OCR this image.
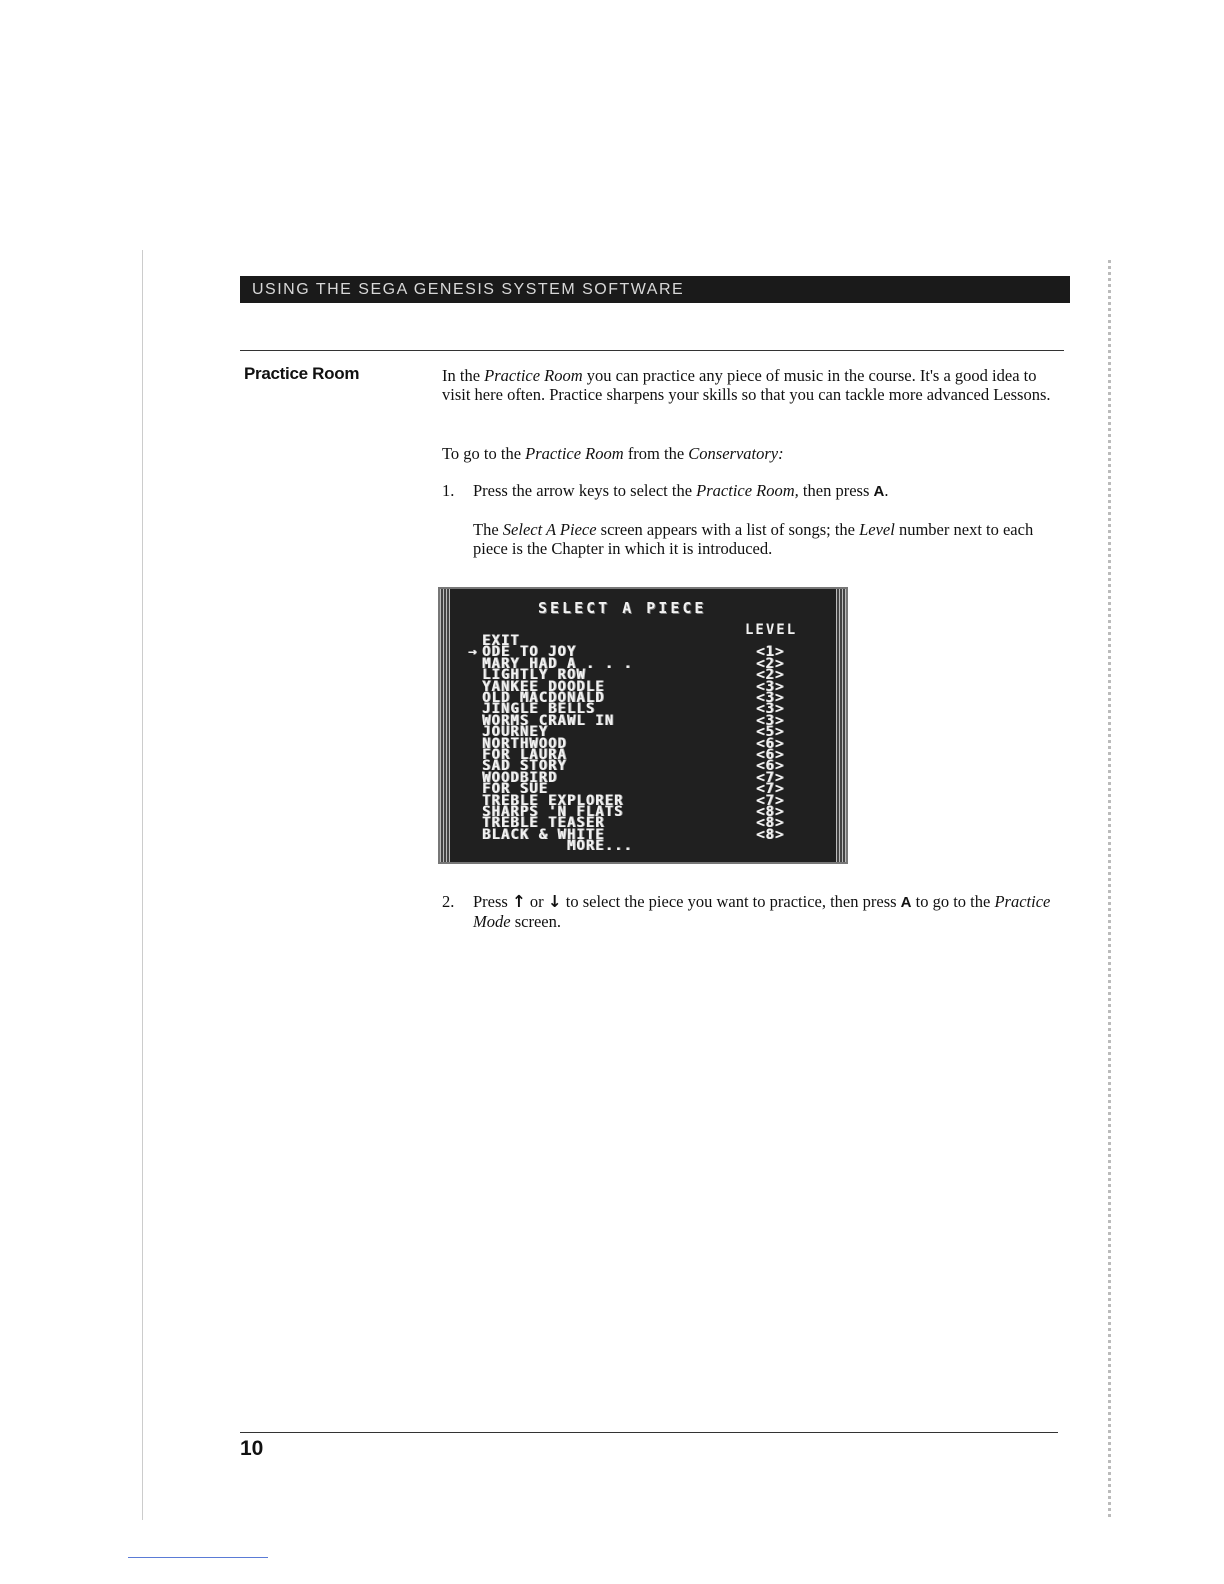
USING THE SEGA GENESIS SYSTEM SOFTWARE
Practice Room	In the Practice Room you can practice any piece of music in the course. It's a good idea to visit here often. Practice sharpens your skills so that you can tackle more advanced Lessons.
To go to the Practice Room from the Conservatory:
1. Press the arrow keys to select the Practice Room, then press A.
The Select A Piece screen appears with a list of songs; the Level number next to each piece is the Chapter in which it is introduced.
SELECT A PIECE
LEVEL
EXIT
→ ODE TO JOY	<1>
MARY HAD A . . .	<2>
LIGHTLY ROW	<2>
YANKEE DOODLE	<3>
OLD MACDONALD	<3>
JINGLE BELLS	<3>
WORMS CRAWL IN	<3>
JOURNEY	<5>
NORTHWOOD	<6>
FOR LAURA	<6>
SAD STORY	<6>
WOODBIRD	<7>
FOR SUE	<7>
TREBLE EXPLORER	<7>
SHARPS 'N FLATS	<8>
TREBLE TEASER	<8>
BLACK & WHITE	<8>
MORE...
2. Press ↑ or ↓ to select the piece you want to practice, then press A to go to the Practice Mode screen.
10
